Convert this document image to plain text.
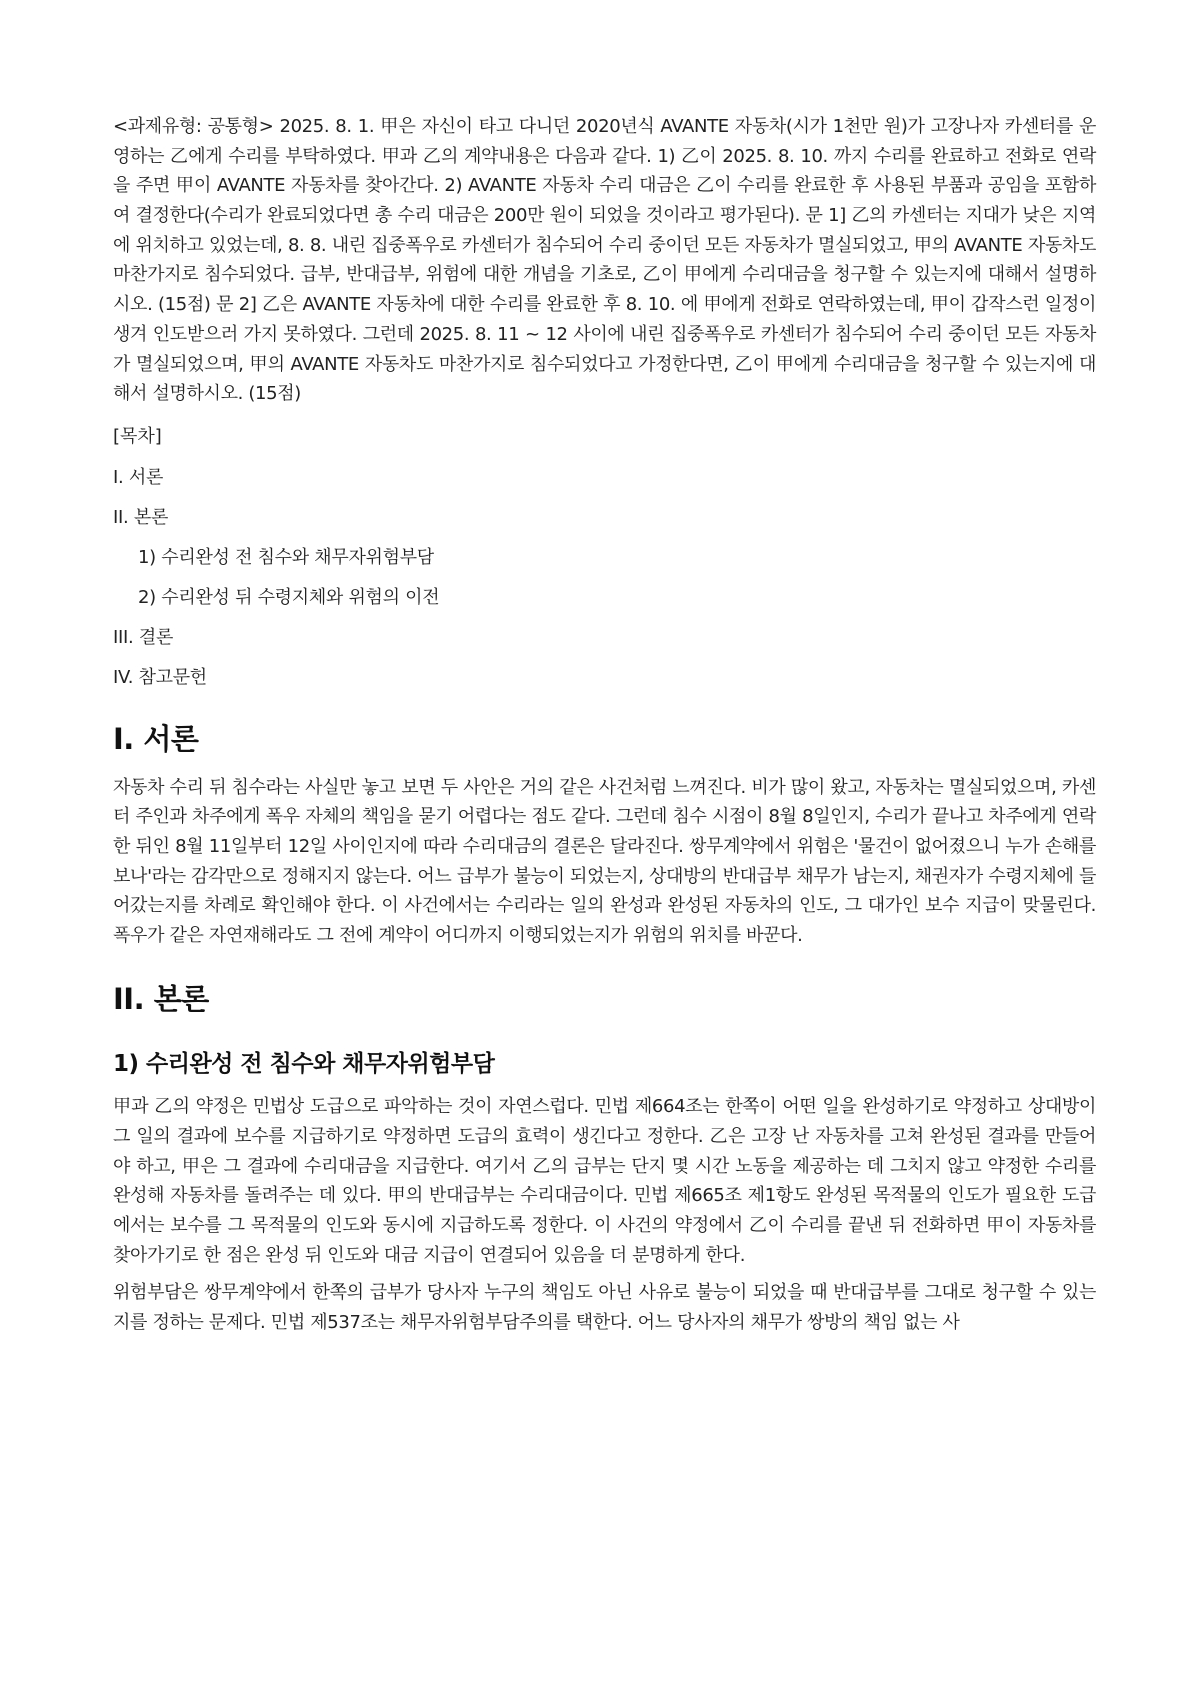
<과제유형: 공통형> 2025. 8. 1. 甲은 자신이 타고 다니던 2020년식 AVANTE 자동차(시가 1천만 원)가 고장나자 카센터를 운영하는 乙에게 수리를 부탁하였다. 甲과 乙의 계약내용은 다음과 같다. 1) 乙이 2025. 8. 10. 까지 수리를 완료하고 전화로 연락을 주면 甲이 AVANTE 자동차를 찾아간다. 2) AVANTE 자동차 수리 대금은 乙이 수리를 완료한 후 사용된 부품과 공임을 포함하여 결정한다(수리가 완료되었다면 총 수리 대금은 200만 원이 되었을 것이라고 평가된다). 문 1] 乙의 카센터는 지대가 낮은 지역에 위치하고 있었는데, 8. 8. 내린 집중폭우로 카센터가 침수되어 수리 중이던 모든 자동차가 멸실되었고, 甲의 AVANTE 자동차도 마찬가지로 침수되었다. 급부, 반대급부, 위험에 대한 개념을 기초로, 乙이 甲에게 수리대금을 청구할 수 있는지에 대해서 설명하시오. (15점) 문 2] 乙은 AVANTE 자동차에 대한 수리를 완료한 후 8. 10. 에 甲에게 전화로 연락하였는데, 甲이 갑작스런 일정이 생겨 인도받으러 가지 못하였다. 그런데 2025. 8. 11 ~ 12 사이에 내린 집중폭우로 카센터가 침수되어 수리 중이던 모든 자동차가 멸실되었으며, 甲의 AVANTE 자동차도 마찬가지로 침수되었다고 가정한다면, 乙이 甲에게 수리대금을 청구할 수 있는지에 대해서 설명하시오. (15점)

[목차]
I. 서론
II. 본론
1) 수리완성 전 침수와 채무자위험부담
2) 수리완성 뒤 수령지체와 위험의 이전
III. 결론
IV. 참고문헌
I. 서론

자동차 수리 뒤 침수라는 사실만 놓고 보면 두 사안은 거의 같은 사건처럼 느껴진다. 비가 많이 왔고, 자동차는 멸실되었으며, 카센터 주인과 차주에게 폭우 자체의 책임을 묻기 어렵다는 점도 같다. 그런데 침수 시점이 8월 8일인지, 수리가 끝나고 차주에게 연락한 뒤인 8월 11일부터 12일 사이인지에 따라 수리대금의 결론은 달라진다. 쌍무계약에서 위험은 '물건이 없어졌으니 누가 손해를 보나'라는 감각만으로 정해지지 않는다. 어느 급부가 불능이 되었는지, 상대방의 반대급부 채무가 남는지, 채권자가 수령지체에 들어갔는지를 차례로 확인해야 한다. 이 사건에서는 수리라는 일의 완성과 완성된 자동차의 인도, 그 대가인 보수 지급이 맞물린다. 폭우가 같은 자연재해라도 그 전에 계약이 어디까지 이행되었는지가 위험의 위치를 바꾼다.

II. 본론
1) 수리완성 전 침수와 채무자위험부담

甲과 乙의 약정은 민법상 도급으로 파악하는 것이 자연스럽다. 민법 제664조는 한쪽이 어떤 일을 완성하기로 약정하고 상대방이 그 일의 결과에 보수를 지급하기로 약정하면 도급의 효력이 생긴다고 정한다. 乙은 고장 난 자동차를 고쳐 완성된 결과를 만들어야 하고, 甲은 그 결과에 수리대금을 지급한다. 여기서 乙의 급부는 단지 몇 시간 노동을 제공하는 데 그치지 않고 약정한 수리를 완성해 자동차를 돌려주는 데 있다. 甲의 반대급부는 수리대금이다. 민법 제665조 제1항도 완성된 목적물의 인도가 필요한 도급에서는 보수를 그 목적물의 인도와 동시에 지급하도록 정한다. 이 사건의 약정에서 乙이 수리를 끝낸 뒤 전화하면 甲이 자동차를 찾아가기로 한 점은 완성 뒤 인도와 대금 지급이 연결되어 있음을 더 분명하게 한다.

위험부담은 쌍무계약에서 한쪽의 급부가 당사자 누구의 책임도 아닌 사유로 불능이 되었을 때 반대급부를 그대로 청구할 수 있는지를 정하는 문제다. 민법 제537조는 채무자위험부담주의를 택한다. 어느 당사자의 채무가 쌍방의 책임 없는 사
